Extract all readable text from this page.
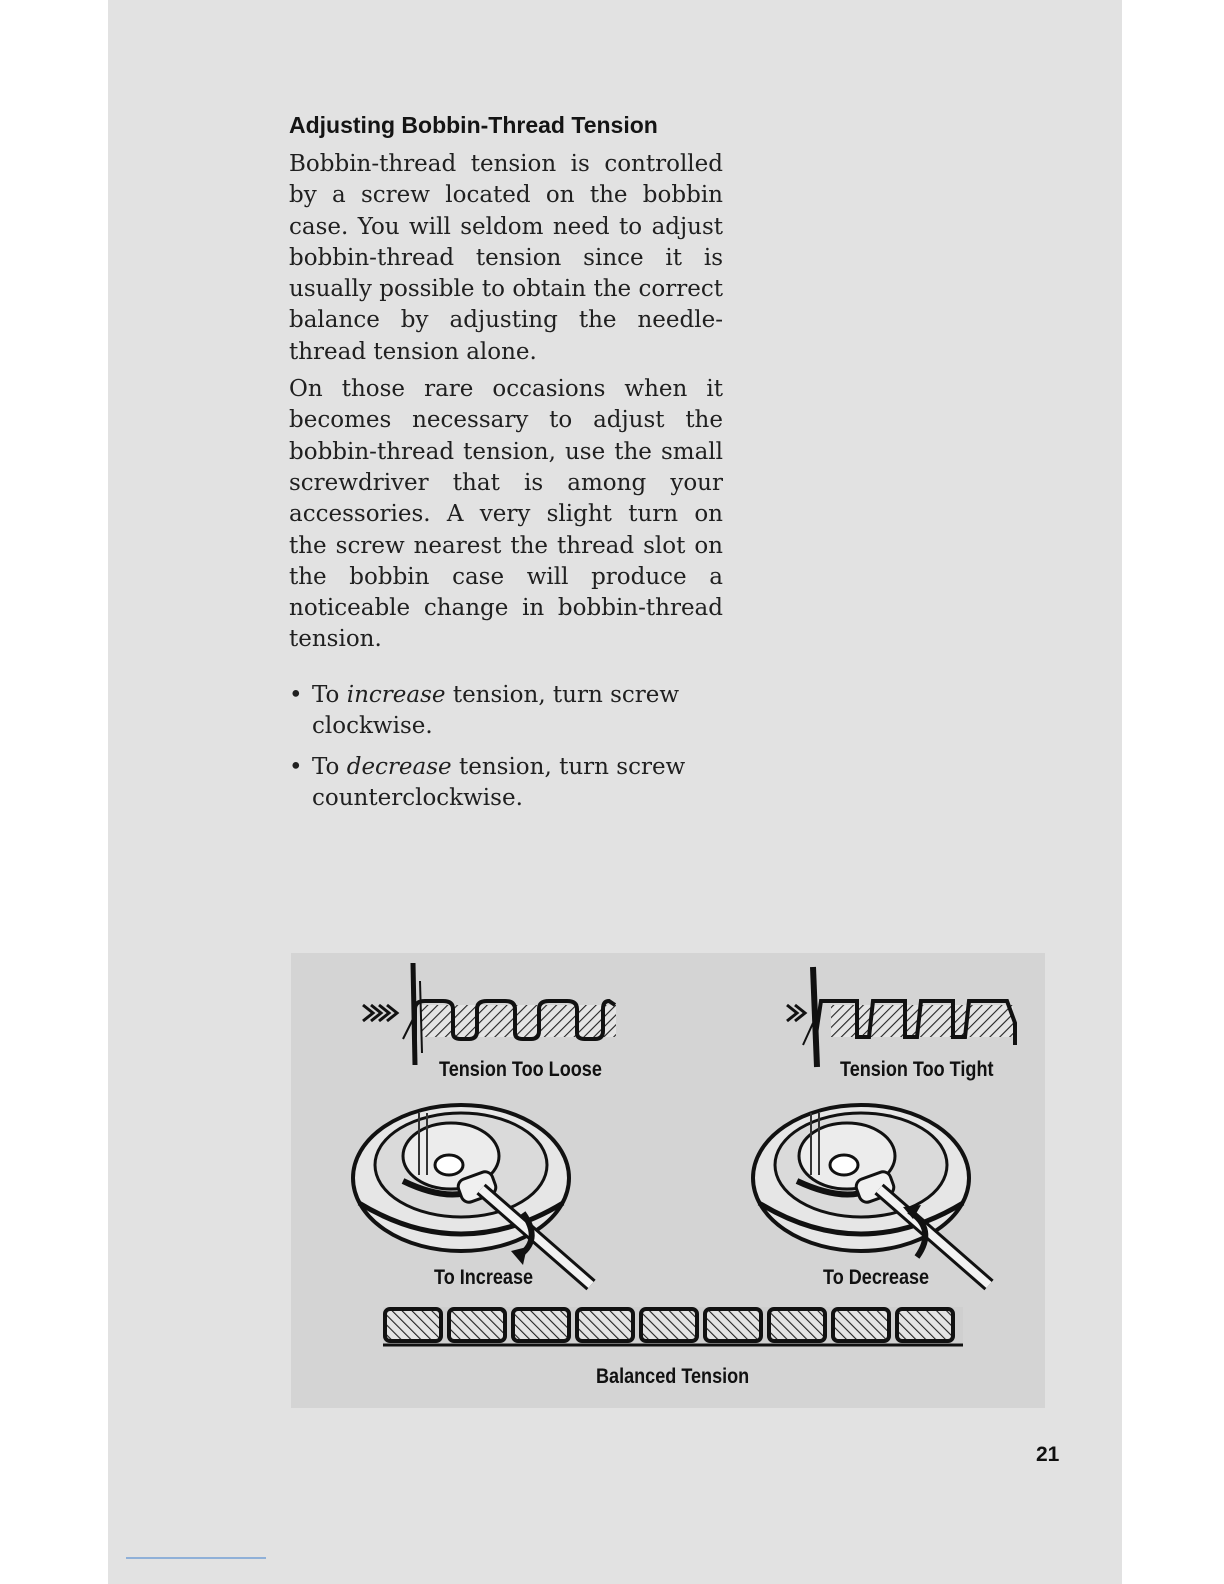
Adjusting Bobbin-Thread Tension

Bobbin-thread tension is controlled by a screw located on the bobbin case. You will seldom need to adjust bobbin-thread tension since it is usually possible to obtain the correct balance by adjusting the needle-thread tension alone.

On those rare occasions when it becomes necessary to adjust the bobbin-thread tension, use the small screwdriver that is among your accessories. A very slight turn on the screw nearest the thread slot on the bobbin case will produce a noticeable change in bobbin-thread tension.

• To increase tension, turn screw clockwise.
• To decrease tension, turn screw counterclockwise.
Tension Too Loose	Tension Too Tight
To Increase	To Decrease
Balanced Tension
21
